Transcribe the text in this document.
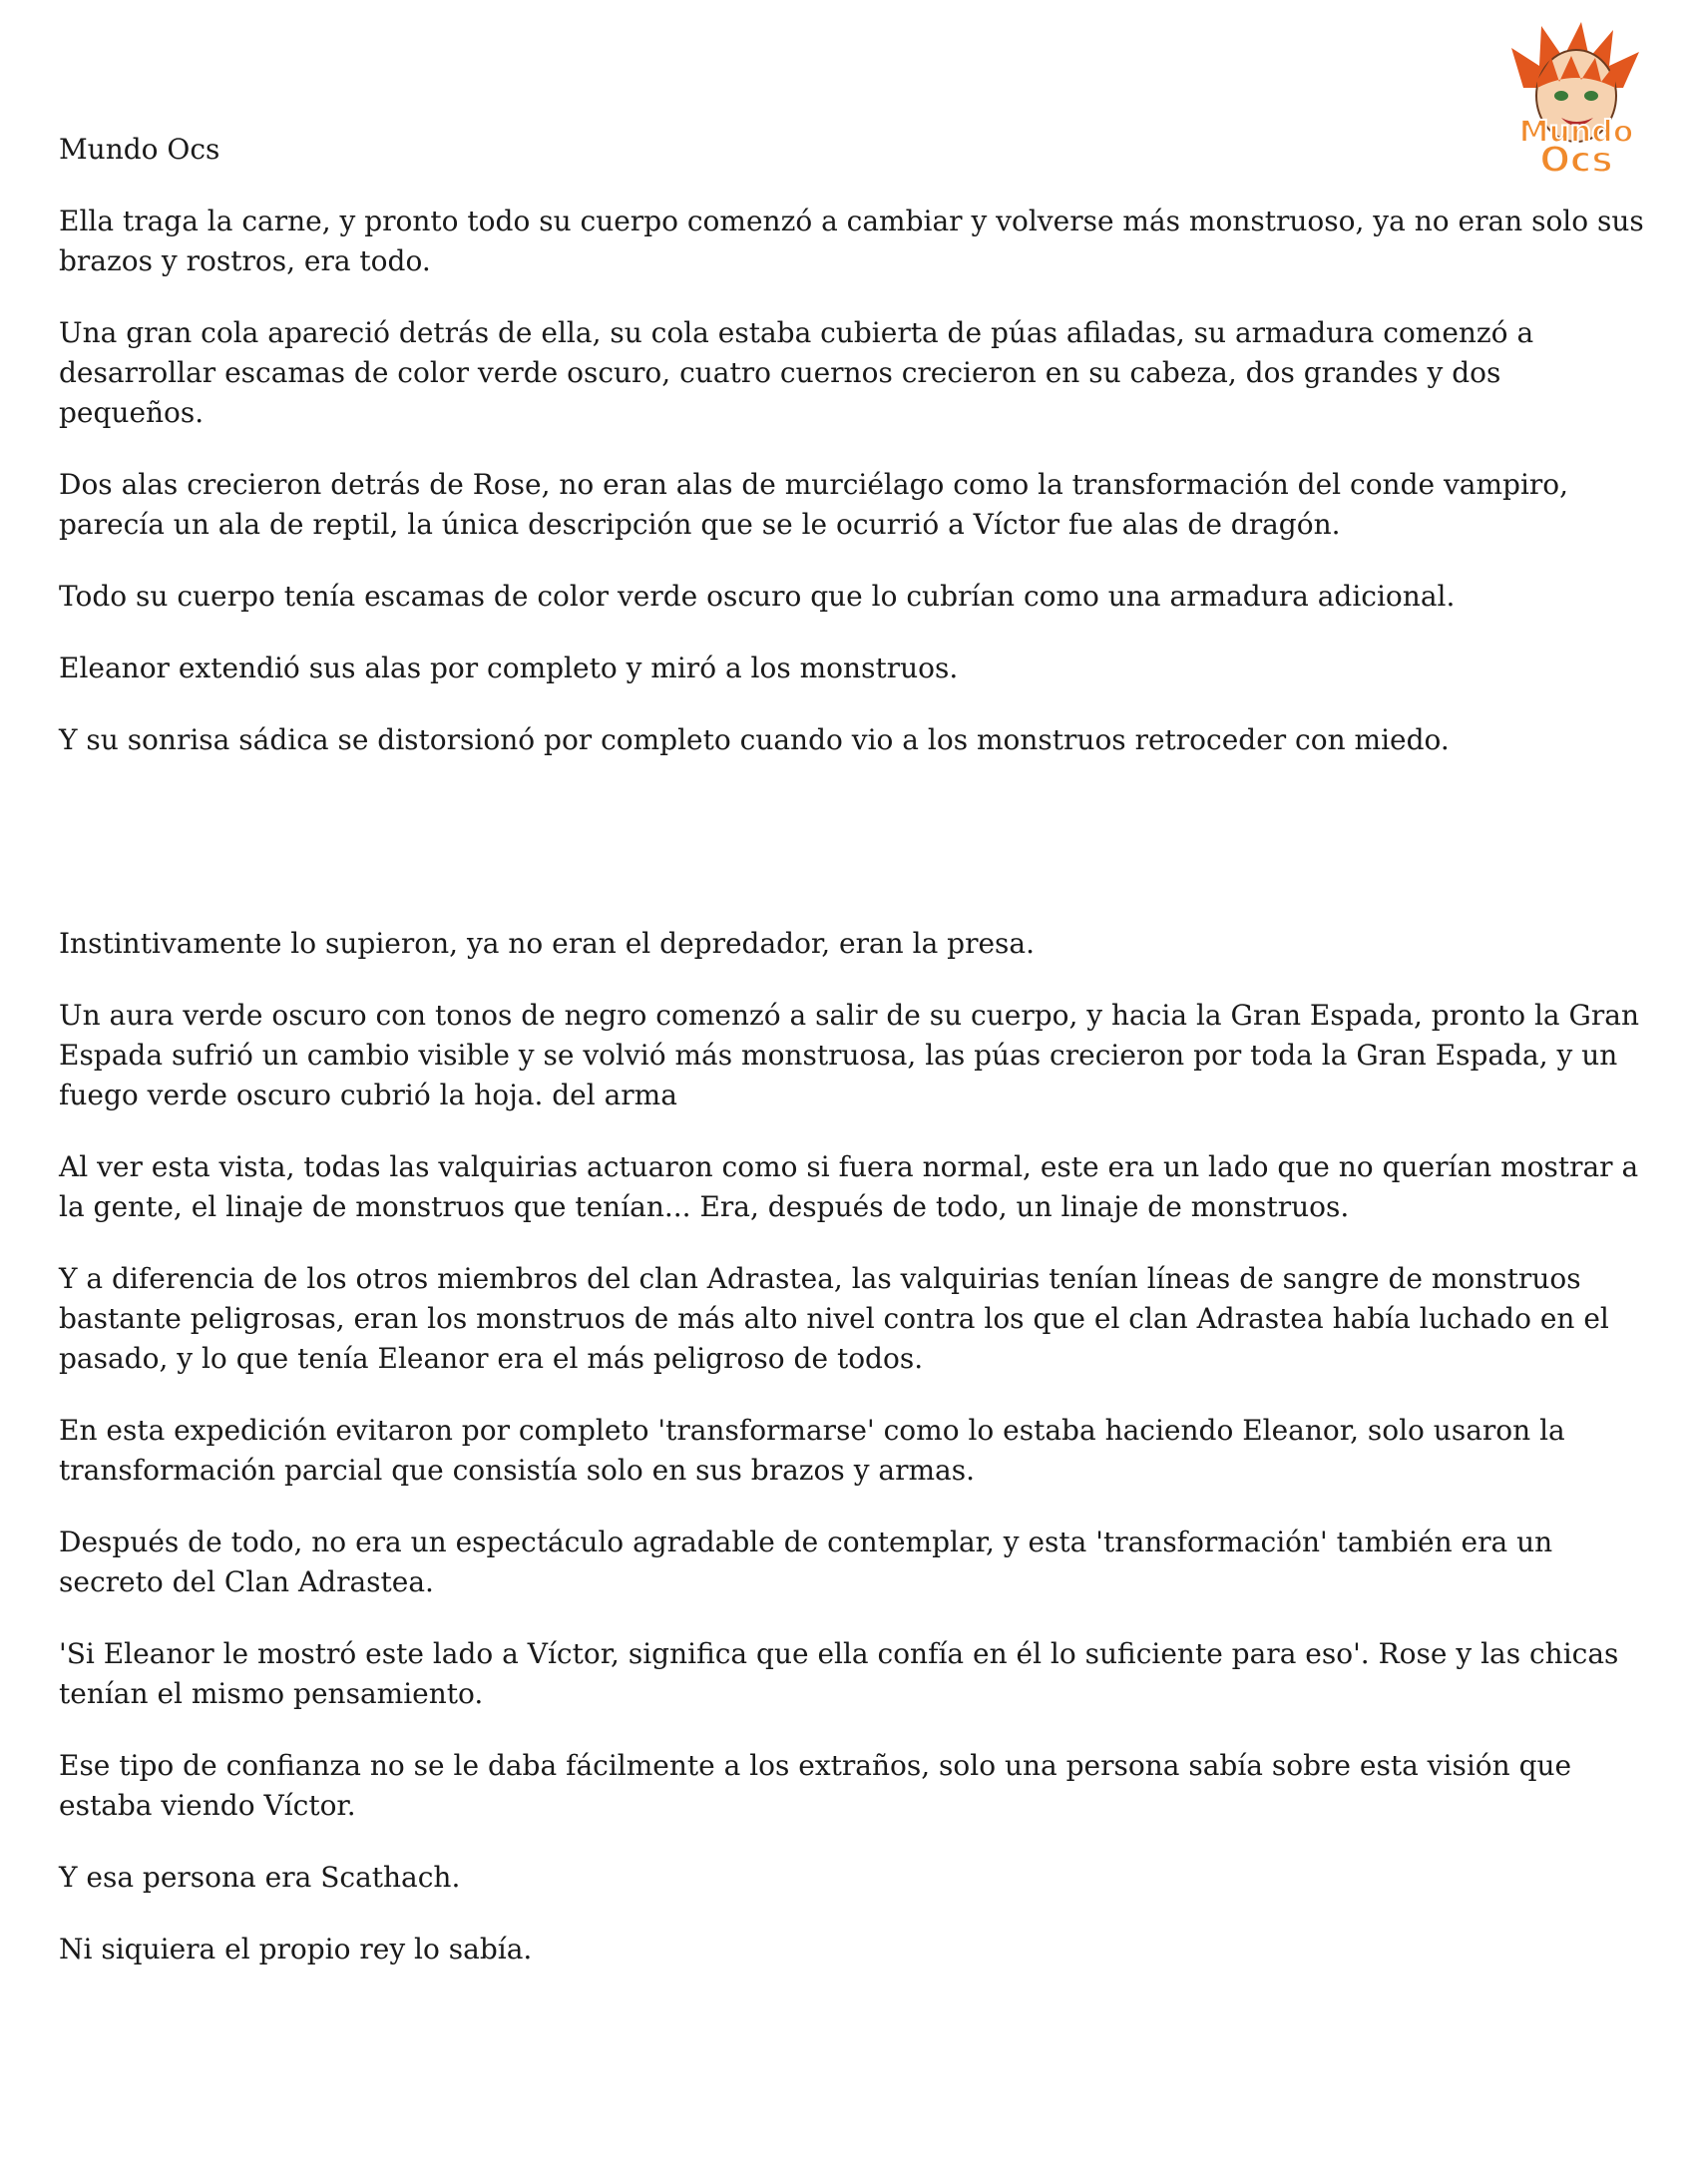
Mundo
Ocs

Mundo Ocs

Ella traga la carne, y pronto todo su cuerpo comenzó a cambiar y volverse más monstruoso, ya no eran solo sus brazos y rostros, era todo.

Una gran cola apareció detrás de ella, su cola estaba cubierta de púas afiladas, su armadura comenzó a desarrollar escamas de color verde oscuro, cuatro cuernos crecieron en su cabeza, dos grandes y dos pequeños.

Dos alas crecieron detrás de Rose, no eran alas de murciélago como la transformación del conde vampiro, parecía un ala de reptil, la única descripción que se le ocurrió a Víctor fue alas de dragón.

Todo su cuerpo tenía escamas de color verde oscuro que lo cubrían como una armadura adicional.

Eleanor extendió sus alas por completo y miró a los monstruos.

Y su sonrisa sádica se distorsionó por completo cuando vio a los monstruos retroceder con miedo.

Instintivamente lo supieron, ya no eran el depredador, eran la presa.

Un aura verde oscuro con tonos de negro comenzó a salir de su cuerpo, y hacia la Gran Espada, pronto la Gran Espada sufrió un cambio visible y se volvió más monstruosa, las púas crecieron por toda la Gran Espada, y un fuego verde oscuro cubrió la hoja. del arma

Al ver esta vista, todas las valquirias actuaron como si fuera normal, este era un lado que no querían mostrar a la gente, el linaje de monstruos que tenían... Era, después de todo, un linaje de monstruos.

Y a diferencia de los otros miembros del clan Adrastea, las valquirias tenían líneas de sangre de monstruos bastante peligrosas, eran los monstruos de más alto nivel contra los que el clan Adrastea había luchado en el pasado, y lo que tenía Eleanor era el más peligroso de todos.

En esta expedición evitaron por completo 'transformarse' como lo estaba haciendo Eleanor, solo usaron la transformación parcial que consistía solo en sus brazos y armas.

Después de todo, no era un espectáculo agradable de contemplar, y esta 'transformación' también era un secreto del Clan Adrastea.

'Si Eleanor le mostró este lado a Víctor, significa que ella confía en él lo suficiente para eso'. Rose y las chicas tenían el mismo pensamiento.

Ese tipo de confianza no se le daba fácilmente a los extraños, solo una persona sabía sobre esta visión que estaba viendo Víctor.

Y esa persona era Scathach.

Ni siquiera el propio rey lo sabía.
